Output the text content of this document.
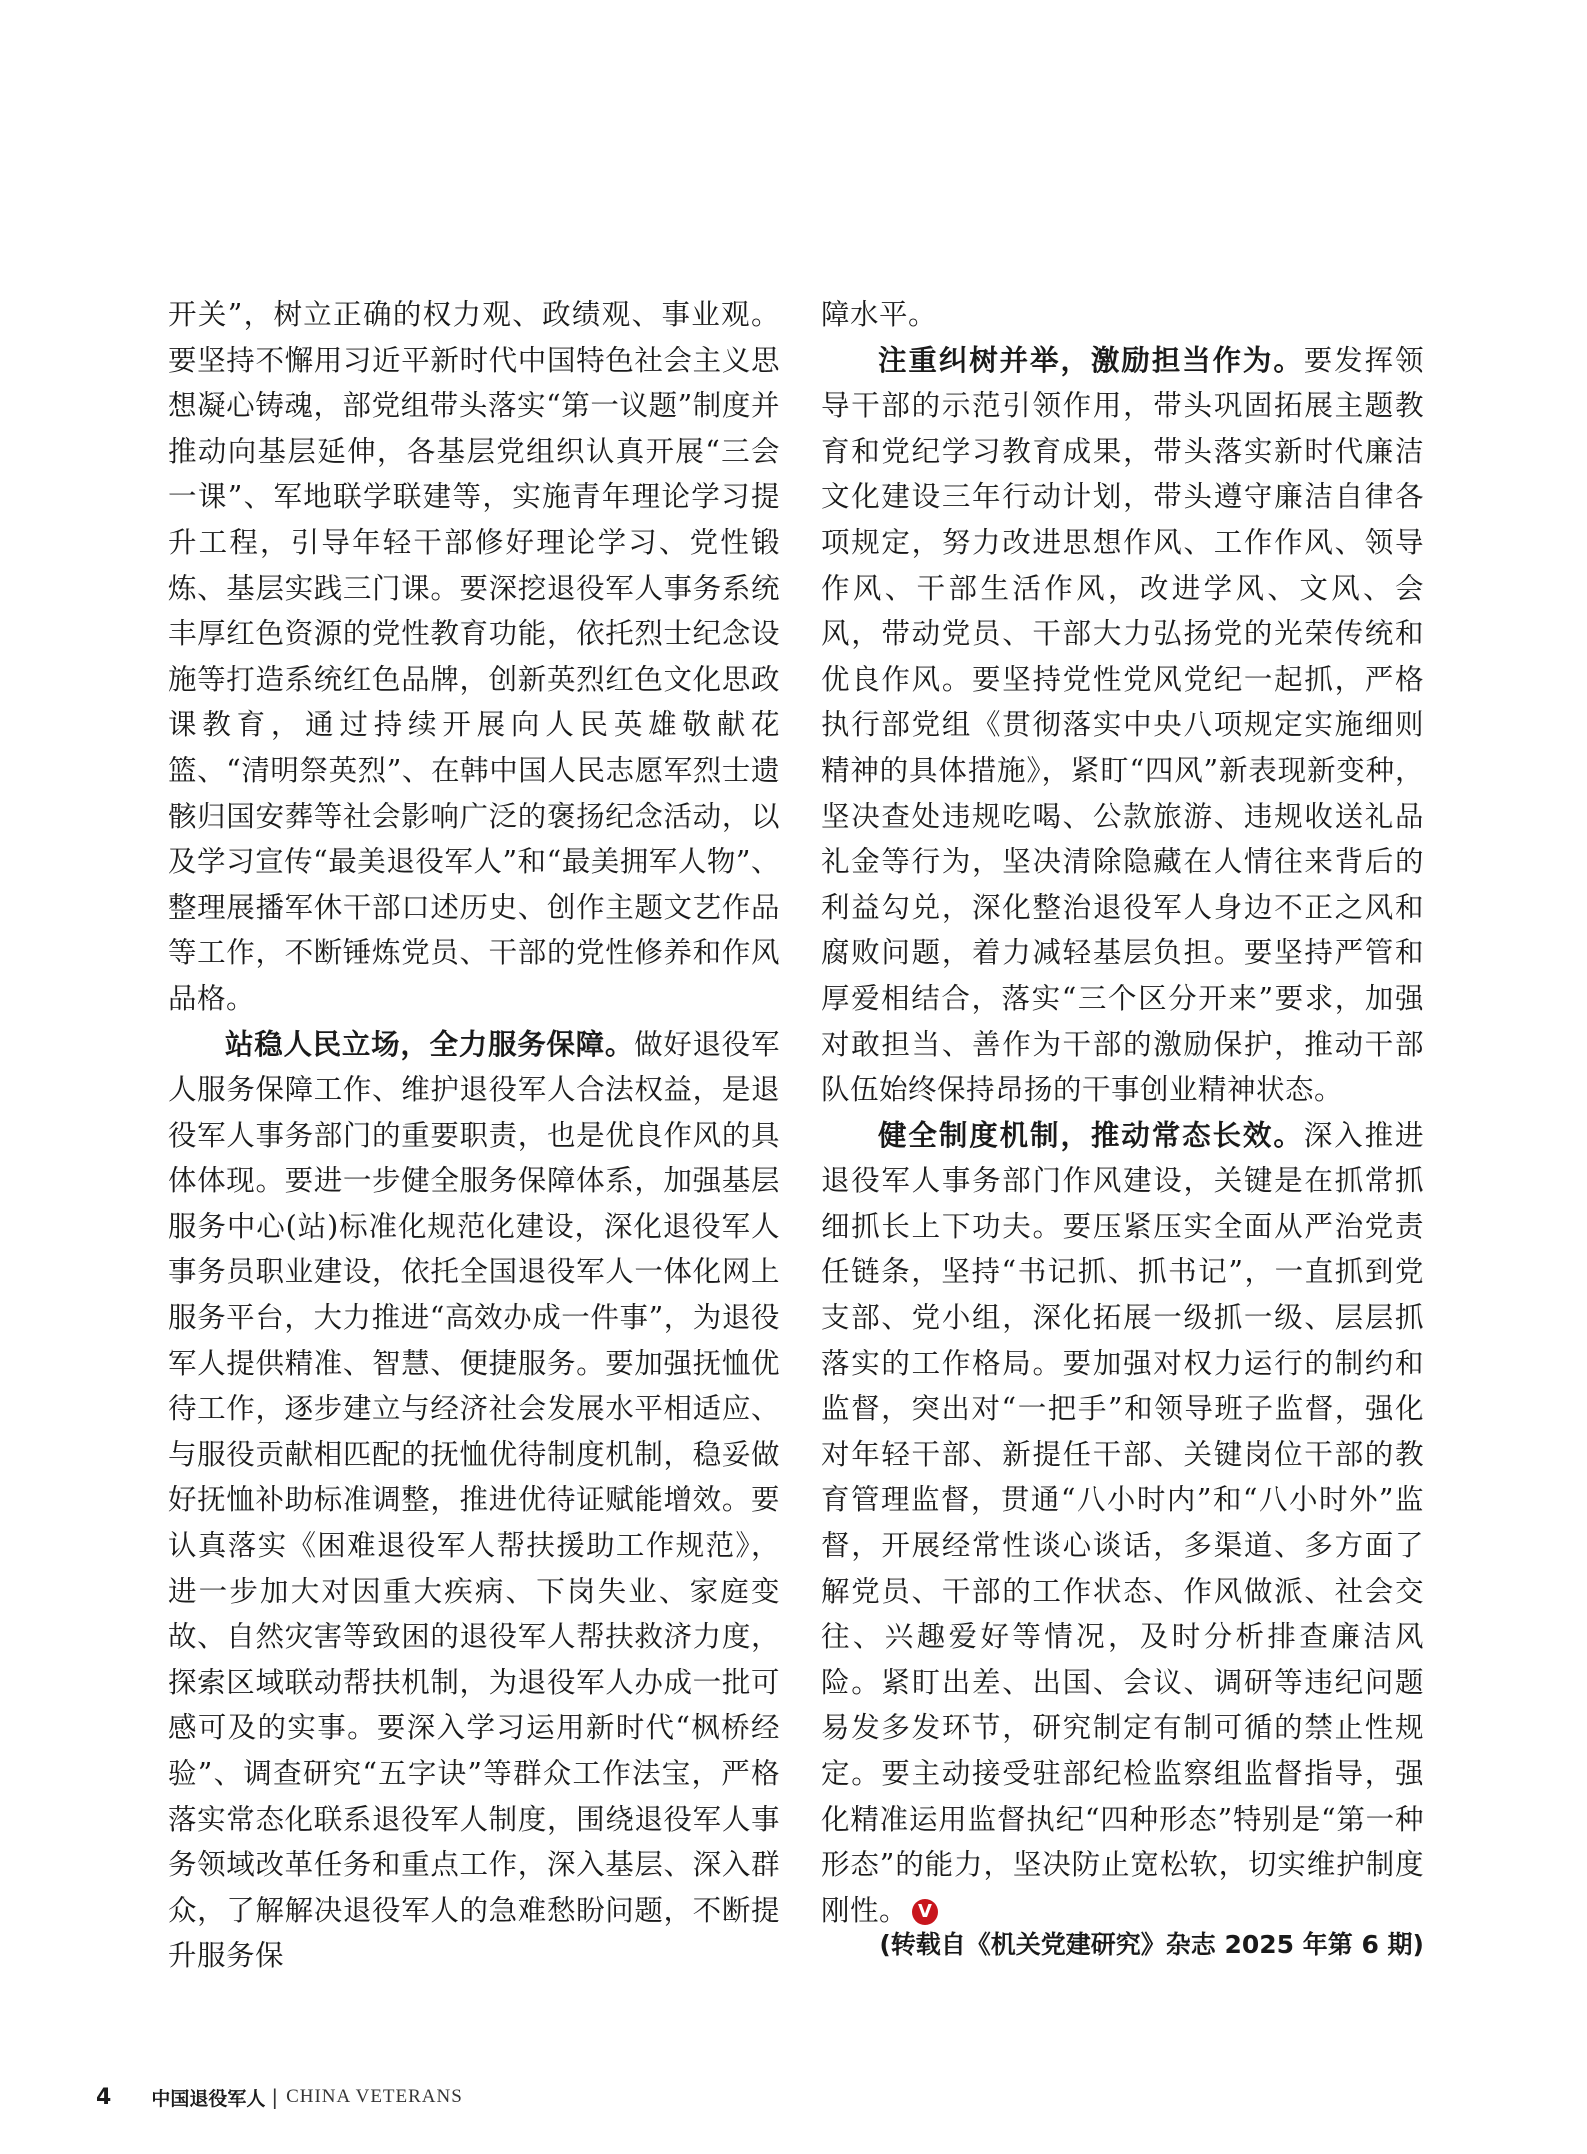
开关”，树立正确的权力观、政绩观、事业观。要坚持不懈用习近平新时代中国特色社会主义思想凝心铸魂，部党组带头落实“第一议题”制度并推动向基层延伸，各基层党组织认真开展“三会一课”、军地联学联建等，实施青年理论学习提升工程，引导年轻干部修好理论学习、党性锻炼、基层实践三门课。要深挖退役军人事务系统丰厚红色资源的党性教育功能，依托烈士纪念设施等打造系统红色品牌，创新英烈红色文化思政课教育，通过持续开展向人民英雄敬献花篮、“清明祭英烈”、在韩中国人民志愿军烈士遗骸归国安葬等社会影响广泛的褒扬纪念活动，以及学习宣传“最美退役军人”和“最美拥军人物”、整理展播军休干部口述历史、创作主题文艺作品等工作，不断锤炼党员、干部的党性修养和作风品格。

站稳人民立场，全力服务保障。做好退役军人服务保障工作、维护退役军人合法权益，是退役军人事务部门的重要职责，也是优良作风的具体体现。要进一步健全服务保障体系，加强基层服务中心(站)标准化规范化建设，深化退役军人事务员职业建设，依托全国退役军人一体化网上服务平台，大力推进“高效办成一件事”，为退役军人提供精准、智慧、便捷服务。要加强抚恤优待工作，逐步建立与经济社会发展水平相适应、与服役贡献相匹配的抚恤优待制度机制，稳妥做好抚恤补助标准调整，推进优待证赋能增效。要认真落实《困难退役军人帮扶援助工作规范》，进一步加大对因重大疾病、下岗失业、家庭变故、自然灾害等致困的退役军人帮扶救济力度，探索区域联动帮扶机制，为退役军人办成一批可感可及的实事。要深入学习运用新时代“枫桥经验”、调查研究“五字诀”等群众工作法宝，严格落实常态化联系退役军人制度，围绕退役军人事务领域改革任务和重点工作，深入基层、深入群众，了解解决退役军人的急难愁盼问题，不断提升服务保

障水平。

注重纠树并举，激励担当作为。要发挥领导干部的示范引领作用，带头巩固拓展主题教育和党纪学习教育成果，带头落实新时代廉洁文化建设三年行动计划，带头遵守廉洁自律各项规定，努力改进思想作风、工作作风、领导作风、干部生活作风，改进学风、文风、会风，带动党员、干部大力弘扬党的光荣传统和优良作风。要坚持党性党风党纪一起抓，严格执行部党组《贯彻落实中央八项规定实施细则精神的具体措施》，紧盯“四风”新表现新变种，坚决查处违规吃喝、公款旅游、违规收送礼品礼金等行为，坚决清除隐藏在人情往来背后的利益勾兑，深化整治退役军人身边不正之风和腐败问题，着力减轻基层负担。要坚持严管和厚爱相结合，落实“三个区分开来”要求，加强对敢担当、善作为干部的激励保护，推动干部队伍始终保持昂扬的干事创业精神状态。

健全制度机制，推动常态长效。深入推进退役军人事务部门作风建设，关键是在抓常抓细抓长上下功夫。要压紧压实全面从严治党责任链条，坚持“书记抓、抓书记”，一直抓到党支部、党小组，深化拓展一级抓一级、层层抓落实的工作格局。要加强对权力运行的制约和监督，突出对“一把手”和领导班子监督，强化对年轻干部、新提任干部、关键岗位干部的教育管理监督，贯通“八小时内”和“八小时外”监督，开展经常性谈心谈话，多渠道、多方面了解党员、干部的工作状态、作风做派、社会交往、兴趣爱好等情况，及时分析排查廉洁风险。紧盯出差、出国、会议、调研等违纪问题易发多发环节，研究制定有制可循的禁止性规定。要主动接受驻部纪检监察组监督指导，强化精准运用监督执纪“四种形态”特别是“第一种形态”的能力，坚决防止宽松软，切实维护制度刚性。 V

(转载自《机关党建研究》杂志 2025 年第 6 期)
4 中国退役军人 | CHINA VETERANS
